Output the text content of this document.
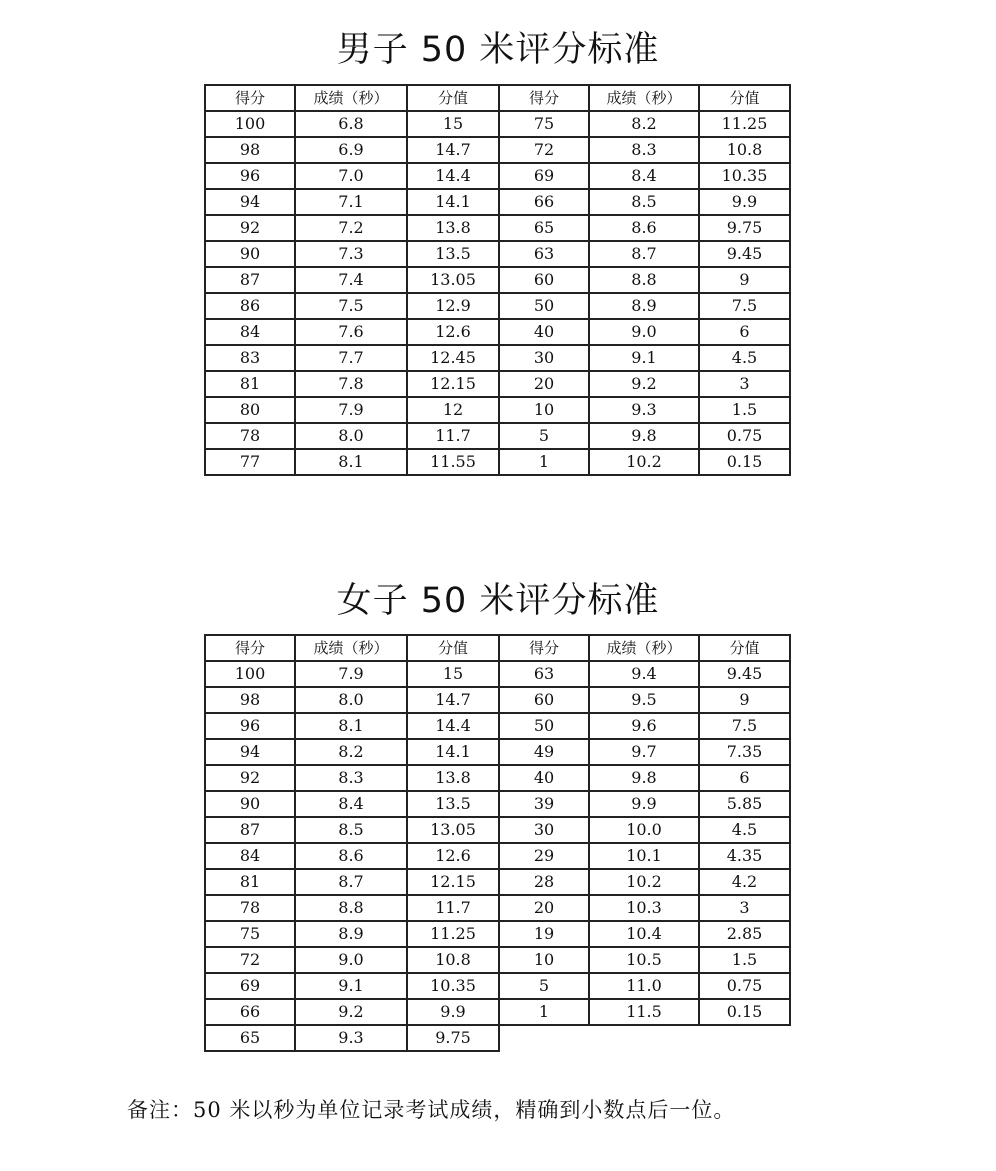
男子 50 米评分标准
得分	成绩（秒）	分值	得分	成绩（秒）	分值
100	6.8	15	75	8.2	11.25
98	6.9	14.7	72	8.3	10.8
96	7.0	14.4	69	8.4	10.35
94	7.1	14.1	66	8.5	9.9
92	7.2	13.8	65	8.6	9.75
90	7.3	13.5	63	8.7	9.45
87	7.4	13.05	60	8.8	9
86	7.5	12.9	50	8.9	7.5
84	7.6	12.6	40	9.0	6
83	7.7	12.45	30	9.1	4.5
81	7.8	12.15	20	9.2	3
80	7.9	12	10	9.3	1.5
78	8.0	11.7	5	9.8	0.75
77	8.1	11.55	1	10.2	0.15
女子 50 米评分标准
得分	成绩（秒）	分值	得分	成绩（秒）	分值
100	7.9	15	63	9.4	9.45
98	8.0	14.7	60	9.5	9
96	8.1	14.4	50	9.6	7.5
94	8.2	14.1	49	9.7	7.35
92	8.3	13.8	40	9.8	6
90	8.4	13.5	39	9.9	5.85
87	8.5	13.05	30	10.0	4.5
84	8.6	12.6	29	10.1	4.35
81	8.7	12.15	28	10.2	4.2
78	8.8	11.7	20	10.3	3
75	8.9	11.25	19	10.4	2.85
72	9.0	10.8	10	10.5	1.5
69	9.1	10.35	5	11.0	0.75
66	9.2	9.9	1	11.5	0.15
65	9.3	9.75			
备注：50 米以秒为单位记录考试成绩，精确到小数点后一位。
